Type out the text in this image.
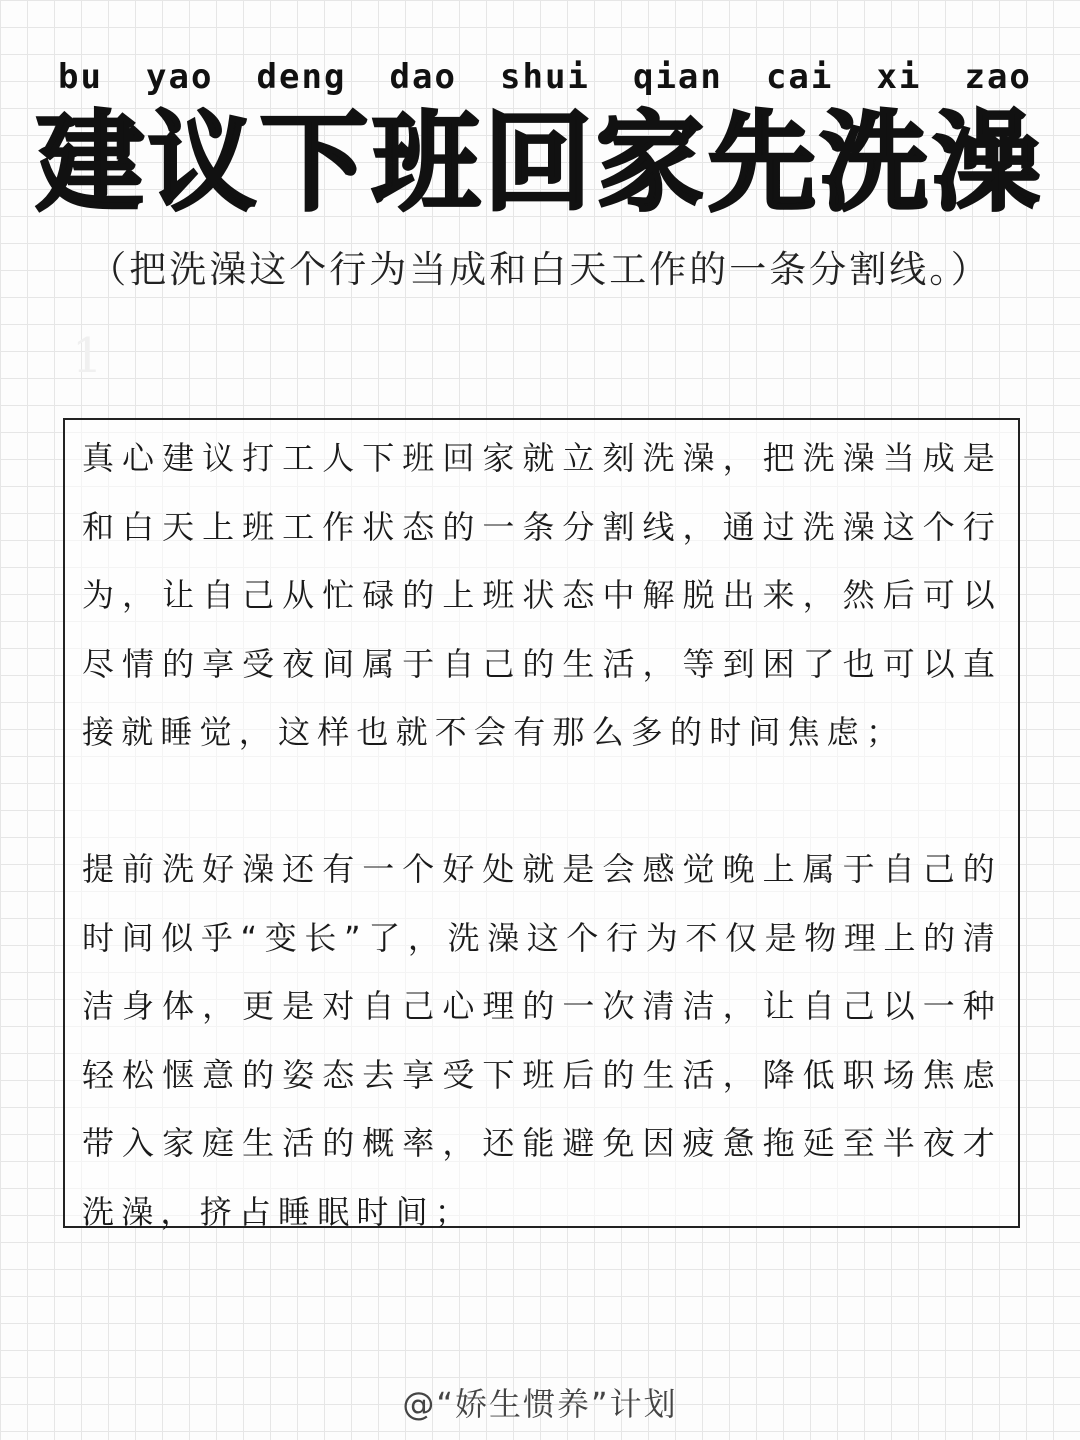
bu yao deng dao shui qian cai xi zao
建议下班回家先洗澡
（把洗澡这个行为当成和白天工作的一条分割线。）
1

真心建议打工人下班回家就立刻洗澡，把洗澡当成是和白天上班工作状态的一条分割线，通过洗澡这个行为，让自己从忙碌的上班状态中解脱出来，然后可以尽情的享受夜间属于自己的生活，等到困了也可以直接就睡觉，这样也就不会有那么多的时间焦虑；

提前洗好澡还有一个好处就是会感觉晚上属于自己的时间似乎“变长”了，洗澡这个行为不仅是物理上的清洁身体，更是对自己心理的一次清洁，让自己以一种轻松惬意的姿态去享受下班后的生活，降低职场焦虑带入家庭生活的概率，还能避免因疲惫拖延至半夜才洗澡，挤占睡眠时间；

@“娇生惯养”计划
